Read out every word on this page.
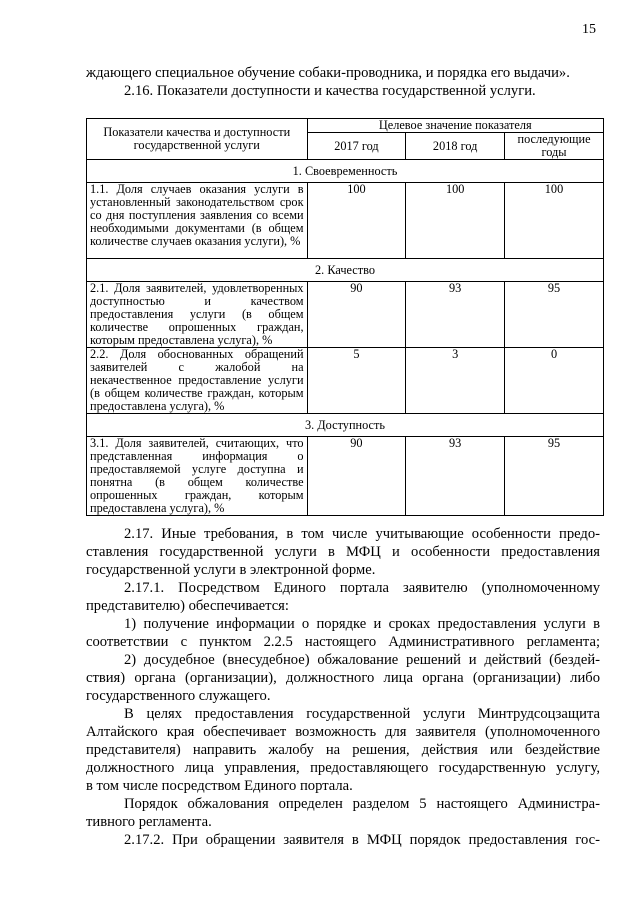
15
ждающего специальное обучение собаки-проводника, и порядка его выдачи».
2.16. Показатели доступности и качества государственной услуги.
Показатели качества и доступности государственной услуги	Целевое значение показателя		
	2017 год	2018 год	последующие годы
1. Своевременность			
1.1. Доля случаев оказания услуги в установленный законодательством срок со дня поступления заявления со всеми необходимыми документами (в общем количестве случаев оказания услуги), %	100	100	100
2. Качество			
2.1. Доля заявителей, удовлетворенных доступностью и качеством предоставления услуги (в общем количестве опрошенных граждан, которым предоставлена услуга), %	90	93	95
2.2. Доля обоснованных обращений заявителей с жалобой на некачественное предоставление услуги (в общем количестве граждан, которым предоставлена услуга), %	5	3	0
3. Доступность			
3.1. Доля заявителей, считающих, что представленная информация о предоставляемой услуге доступна и понятна (в общем количестве опрошенных граждан, которым предоставлена услуга), %	90	93	95
2.17. Иные требования, в том числе учитывающие особенности предо-
ставления государственной услуги в МФЦ и особенности предоставления
государственной услуги в электронной форме.
2.17.1. Посредством Единого портала заявителю (уполномоченному
представителю) обеспечивается:
1) получение информации о порядке и сроках предоставления услуги в
соответствии с пунктом 2.2.5 настоящего Административного регламента;
2) досудебное (внесудебное) обжалование решений и действий (бездей-
ствия) органа (организации), должностного лица органа (организации) либо
государственного служащего.
В целях предоставления государственной услуги Минтрудсоцзащита
Алтайского края обеспечивает возможность для заявителя (уполномоченного
представителя) направить жалобу на решения, действия или бездействие
должностного лица управления, предоставляющего государственную услугу,
в том числе посредством Единого портала.
Порядок обжалования определен разделом 5 настоящего Администра-
тивного регламента.
2.17.2. При обращении заявителя в МФЦ порядок предоставления гос-
